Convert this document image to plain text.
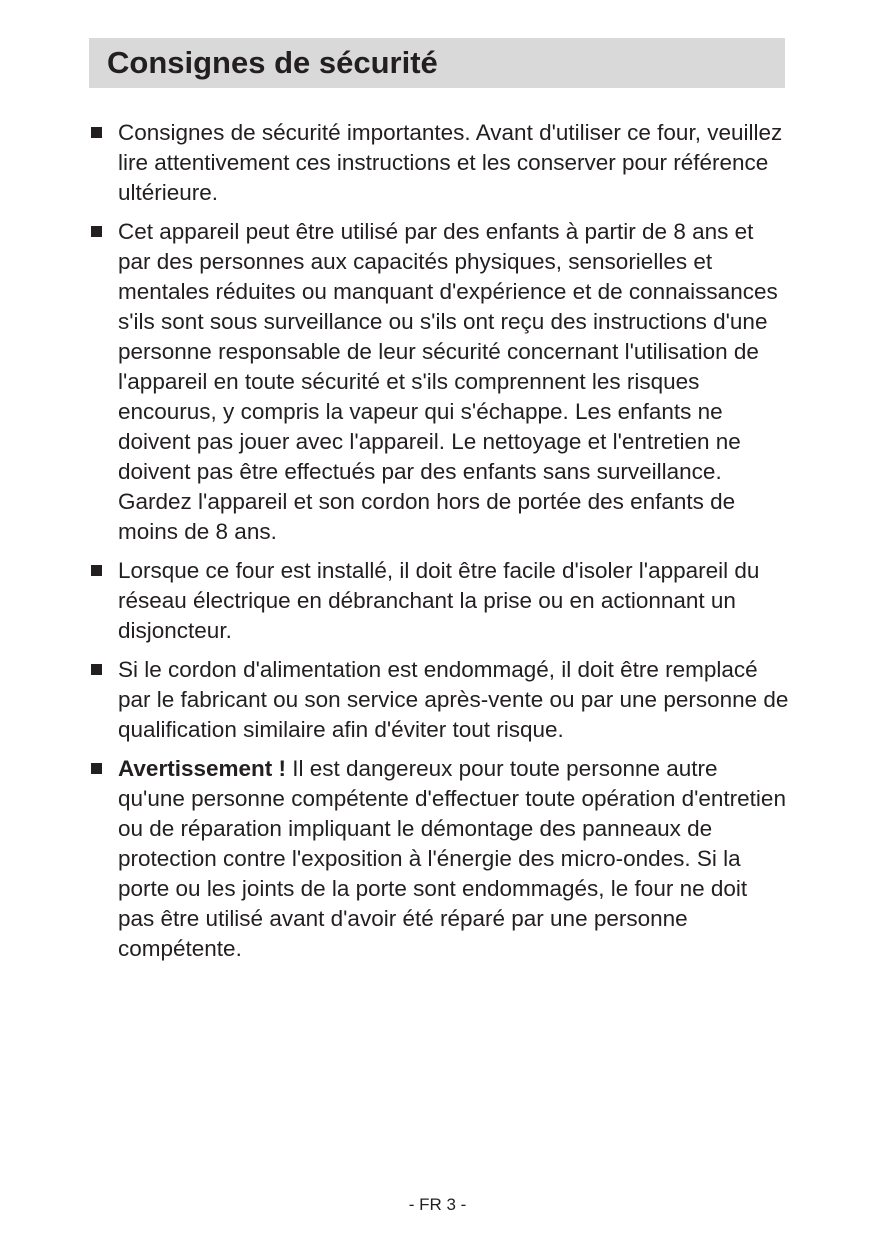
Consignes de sécurité
Consignes de sécurité importantes. Avant d'utiliser ce four, veuillez lire attentivement ces instructions et les conserver pour référence ultérieure.
Cet appareil peut être utilisé par des enfants à partir de 8 ans et par des personnes aux capacités physiques, sensorielles et mentales réduites ou manquant d'expérience et de connaissances s'ils sont sous surveillance ou s'ils ont reçu des instructions d'une personne responsable de leur sécurité concernant l'utilisation de l'appareil en toute sécurité et s'ils comprennent les risques encourus, y compris la vapeur qui s'échappe. Les enfants ne doivent pas jouer avec l'appareil. Le nettoyage et l'entretien ne doivent pas être effectués par des enfants sans surveillance. Gardez l'appareil et son cordon hors de portée des enfants de moins de 8 ans.
Lorsque ce four est installé, il doit être facile d'isoler l'appareil du réseau électrique en débranchant la prise ou en actionnant un disjoncteur.
Si le cordon d'alimentation est endommagé, il doit être remplacé par le fabricant ou son service après-vente ou par une personne de qualification similaire afin d'éviter tout risque.
Avertissement ! Il est dangereux pour toute personne autre qu'une personne compétente d'effectuer toute opération d'entretien ou de réparation impliquant le démontage des panneaux de protection contre l'exposition à l'énergie des micro-ondes. Si la porte ou les joints de la porte sont endommagés, le four ne doit pas être utilisé avant d'avoir été réparé par une personne compétente.
- FR 3 -
